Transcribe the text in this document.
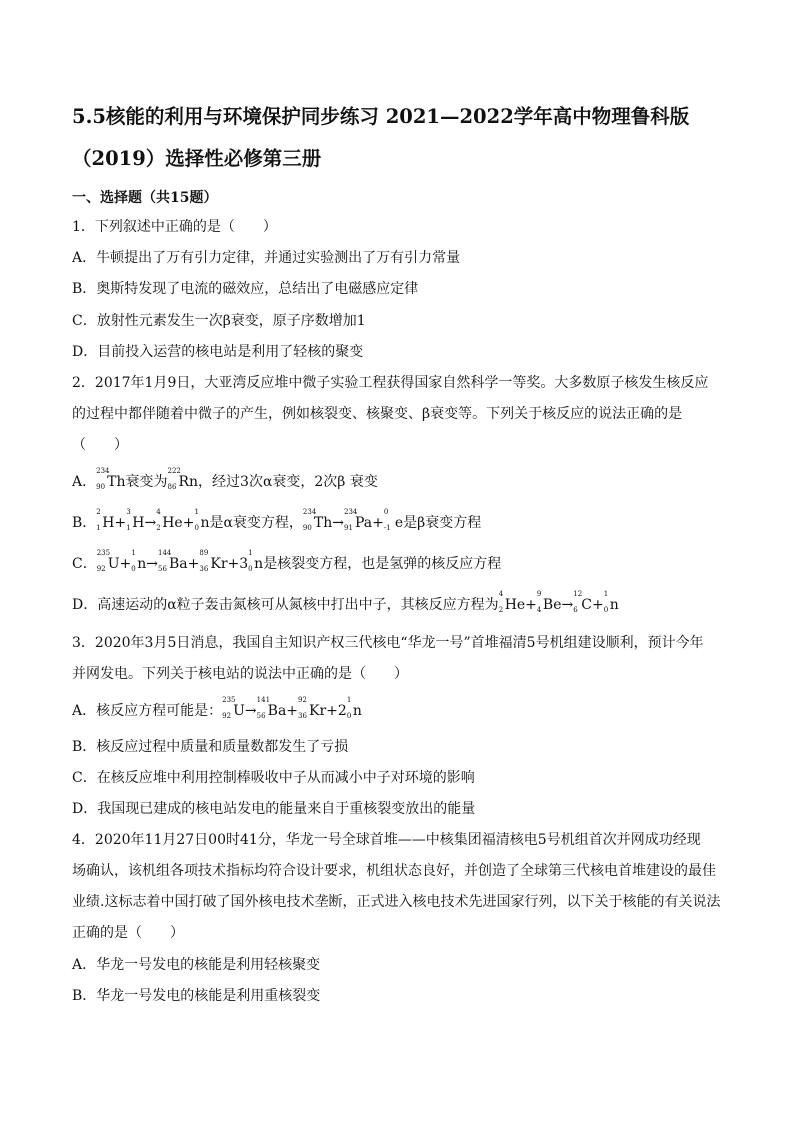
5.5核能的利用与环境保护同步练习 2021—2022学年高中物理鲁科版
（2019）选择性必修第三册
一、选择题（共15题）
1．下列叙述中正确的是（　　）
A．牛顿提出了万有引力定律，并通过实验测出了万有引力常量
B．奥斯特发现了电流的磁效应，总结出了电磁感应定律
C．放射性元素发生一次β衰变，原子序数增加1
D．目前投入运营的核电站是利用了轻核的聚变
2．2017年1月9日，大亚湾反应堆中微子实验工程获得国家自然科学一等奖。大多数原子核发生核反应
的过程中都伴随着中微子的产生，例如核裂变、核聚变、β衰变等。下列关于核反应的说法正确的是
（　　）
A．
234
90 Th衰变为
222
86 Rn，经过3次α衰变，2次β 衰变
B．
2
1 H+
3
1 H→
4
2 He+
1
0 n是α衰变方程，
234
90 Th→
234
91 Pa+
0
-1 e是β衰变方程
C．
235
92 U+
1
0 n→
144
56 Ba+
89
36 Kr+3
1
0 n是核裂变方程，也是氢弹的核反应方程
D．高速运动的α粒子轰击氮核可从氮核中打出中子，其核反应方程为
4
2 He+
9
4 Be→
12
6 C+
1
0 n
3．2020年3月5日消息，我国自主知识产权三代核电“华龙一号”首堆福清5号机组建设顺利，预计今年
并网发电。下列关于核电站的说法中正确的是（　　）
A．核反应方程可能是：
235
92 U→
141
56 Ba+
92
36 Kr+2
1
0 n
B．核反应过程中质量和质量数都发生了亏损
C．在核反应堆中利用控制棒吸收中子从而减小中子对环境的影响
D．我国现已建成的核电站发电的能量来自于重核裂变放出的能量
4．2020年11月27日00时41分，华龙一号全球首堆——中核集团福清核电5号机组首次并网成功经现
场确认，该机组各项技术指标均符合设计要求，机组状态良好，并创造了全球第三代核电首堆建设的最佳
业绩.这标志着中国打破了国外核电技术垄断，正式进入核电技术先进国家行列，以下关于核能的有关说法
正确的是（　　）
A．华龙一号发电的核能是利用轻核聚变
B．华龙一号发电的核能是利用重核裂变
